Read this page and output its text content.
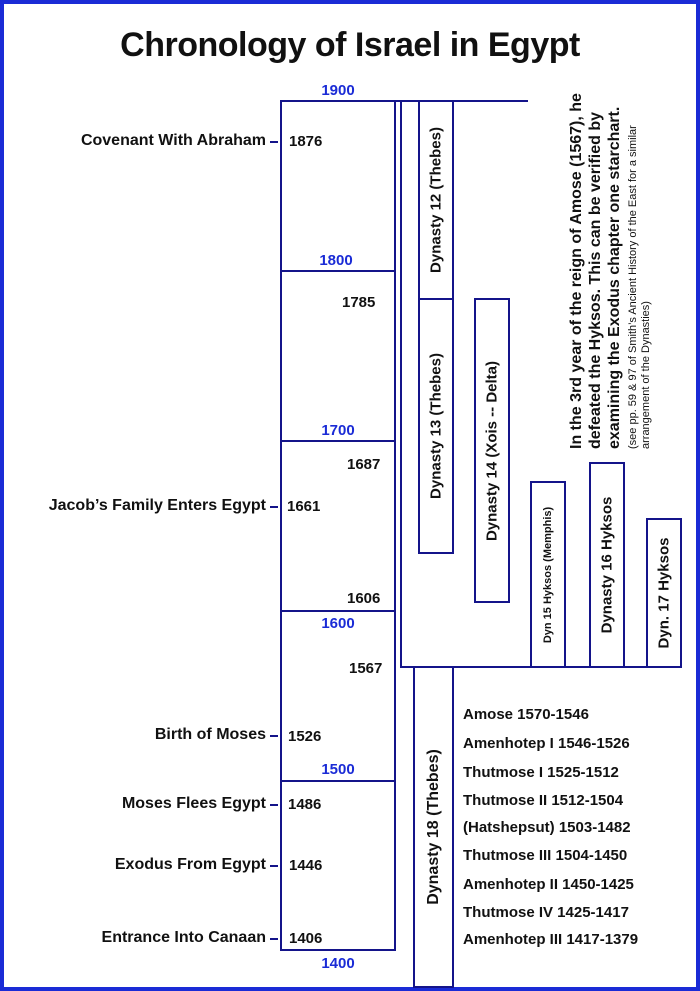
Chronology of Israel in Egypt
1900
1800
1700
1600
1500
1400
1876
1785
1687
1661
1606
1567
1526
1486
1446
1406
Covenant With Abraham
Jacob’s Family Enters Egypt
Birth of Moses
Moses Flees Egypt
Exodus From Egypt
Entrance Into Canaan
Dynasty 12 (Thebes)
Dynasty 13 (Thebes)	Dynasty 14 (Xois -- Delta)
Dyn 15 Hyksos (Memphis)	Dynasty 16 Hyksos	Dyn. 17 Hyksos
Dynasty 18 (Thebes)
In the 3rd year of the reign of Amose (1567), he defeated the Hyksos. This can be verified by examining the Exodus chapter one starchart. (see pp. 59 & 97 of Smith’s Ancient History of the East for a similar arrangement of the Dynasties)
Amose 1570-1546
Amenhotep I 1546-1526
Thutmose I 1525-1512
Thutmose II 1512-1504
(Hatshepsut) 1503-1482
Thutmose III 1504-1450
Amenhotep II 1450-1425
Thutmose IV 1425-1417
Amenhotep III 1417-1379
